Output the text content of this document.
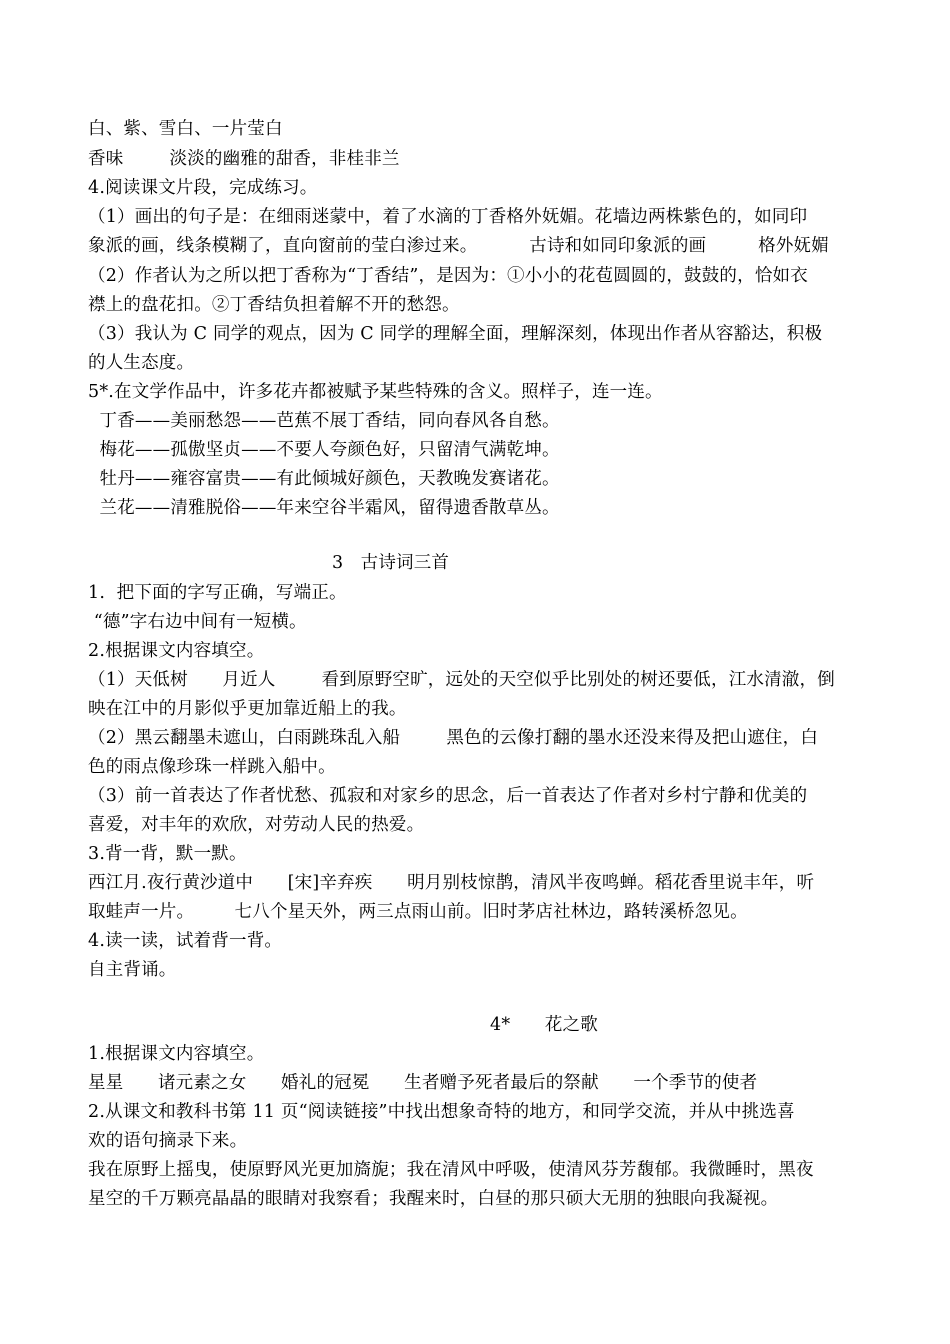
白、紫、雪白、一片莹白
香味        淡淡的幽雅的甜香，非桂非兰
4.阅读课文片段，完成练习。
（1）画出的句子是：在细雨迷蒙中，着了水滴的丁香格外妩媚。花墙边两株紫色的，如同印
象派的画，线条模糊了，直向窗前的莹白渗过来。         古诗和如同印象派的画         格外妩媚
（2）作者认为之所以把丁香称为“丁香结”，是因为：①小小的花苞圆圆的，鼓鼓的，恰如衣
襟上的盘花扣。②丁香结负担着解不开的愁怨。
（3）我认为 C 同学的观点，因为 C 同学的理解全面，理解深刻，体现出作者从容豁达，积极
的人生态度。
5*.在文学作品中，许多花卉都被赋予某些特殊的含义。照样子，连一连。
丁香——美丽愁怨——芭蕉不展丁香结，同向春风各自愁。
梅花——孤傲坚贞——不要人夸颜色好，只留清气满乾坤。
牡丹——雍容富贵——有此倾城好颜色，天教晚发赛诸花。
兰花——清雅脱俗——年来空谷半霜风，留得遗香散草丛。
3   古诗词三首
1.  把下面的字写正确，写端正。
“德”字右边中间有一短横。
2.根据课文内容填空。
（1）天低树      月近人        看到原野空旷，远处的天空似乎比别处的树还要低，江水清澈，倒
映在江中的月影似乎更加靠近船上的我。
（2）黑云翻墨未遮山，白雨跳珠乱入船        黑色的云像打翻的墨水还没来得及把山遮住，白
色的雨点像珍珠一样跳入船中。
（3）前一首表达了作者忧愁、孤寂和对家乡的思念，后一首表达了作者对乡村宁静和优美的
喜爱，对丰年的欢欣，对劳动人民的热爱。
3.背一背，默一默。
西江月.夜行黄沙道中      [宋]辛弃疾      明月别枝惊鹊，清风半夜鸣蝉。稻花香里说丰年，听
取蛙声一片。       七八个星天外，两三点雨山前。旧时茅店社林边，路转溪桥忽见。
4.读一读，试着背一背。
自主背诵。
4*      花之歌
1.根据课文内容填空。
星星      诸元素之女      婚礼的冠冕      生者赠予死者最后的祭献      一个季节的使者
2.从课文和教科书第 11 页“阅读链接”中找出想象奇特的地方，和同学交流，并从中挑选喜
欢的语句摘录下来。
我在原野上摇曳，使原野风光更加旖旎；我在清风中呼吸，使清风芬芳馥郁。我微睡时，黑夜
星空的千万颗亮晶晶的眼睛对我察看；我醒来时，白昼的那只硕大无朋的独眼向我凝视。
